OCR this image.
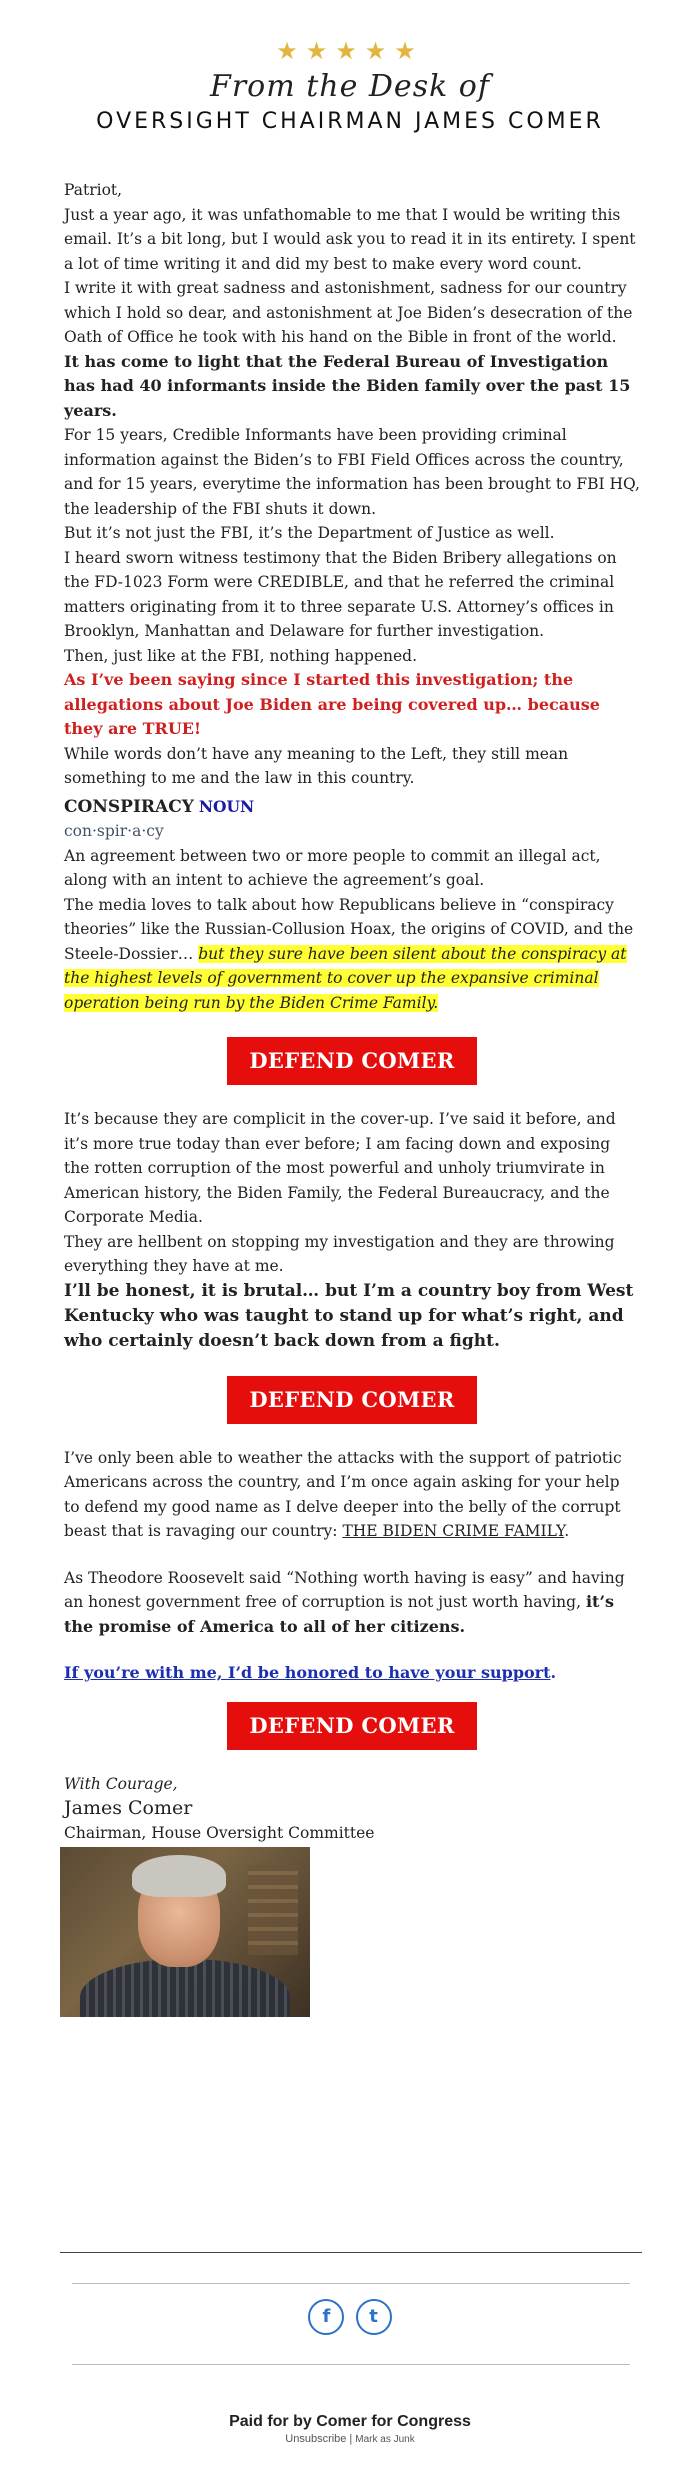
★★★★★
From the Desk of
OVERSIGHT CHAIRMAN JAMES COMER

Patriot,

Just a year ago, it was unfathomable to me that I would be writing this email. It’s a bit long, but I would ask you to read it in its entirety. I spent a lot of time writing it and did my best to make every word count.

I write it with great sadness and astonishment, sadness for our country which I hold so dear, and astonishment at Joe Biden’s desecration of the Oath of Office he took with his hand on the Bible in front of the world.

It has come to light that the Federal Bureau of Investigation has had 40 informants inside the Biden family over the past 15 years.

For 15 years, Credible Informants have been providing criminal information against the Biden’s to FBI Field Offices across the country, and for 15 years, everytime the information has been brought to FBI HQ, the leadership of the FBI shuts it down.

But it’s not just the FBI, it’s the Department of Justice as well.

I heard sworn witness testimony that the Biden Bribery allegations on the FD-1023 Form were CREDIBLE, and that he referred the criminal matters originating from it to three separate U.S. Attorney’s offices in Brooklyn, Manhattan and Delaware for further investigation.

Then, just like at the FBI, nothing happened.

As I’ve been saying since I started this investigation; the allegations about Joe Biden are being covered up… because they are TRUE!

While words don’t have any meaning to the Left, they still mean something to me and the law in this country.

CONSPIRACY NOUN

con·spir·a·cy

An agreement between two or more people to commit an illegal act, along with an intent to achieve the agreement’s goal.

The media loves to talk about how Republicans believe in “conspiracy theories” like the Russian-Collusion Hoax, the origins of COVID, and the Steele-Dossier… but they sure have been silent about the conspiracy at the highest levels of government to cover up the expansive criminal operation being run by the Biden Crime Family.

DEFEND COMER

It’s because they are complicit in the cover-up. I’ve said it before, and it’s more true today than ever before; I am facing down and exposing the rotten corruption of the most powerful and unholy triumvirate in American history, the Biden Family, the Federal Bureaucracy, and the Corporate Media.

They are hellbent on stopping my investigation and they are throwing everything they have at me.

I’ll be honest, it is brutal… but I’m a country boy from West Kentucky who was taught to stand up for what’s right, and who certainly doesn’t back down from a fight.

DEFEND COMER

I’ve only been able to weather the attacks with the support of patriotic Americans across the country, and I’m once again asking for your help to defend my good name as I delve deeper into the belly of the corrupt beast that is ravaging our country: THE BIDEN CRIME FAMILY.

As Theodore Roosevelt said “Nothing worth having is easy” and having an honest government free of corruption is not just worth having, it’s the promise of America to all of her citizens.

If you’re with me, I’d be honored to have your support.

DEFEND COMER

With Courage,

James Comer

Chairman, House Oversight Committee

f t
Paid for by Comer for Congress
Unsubscribe | Mark as Junk
